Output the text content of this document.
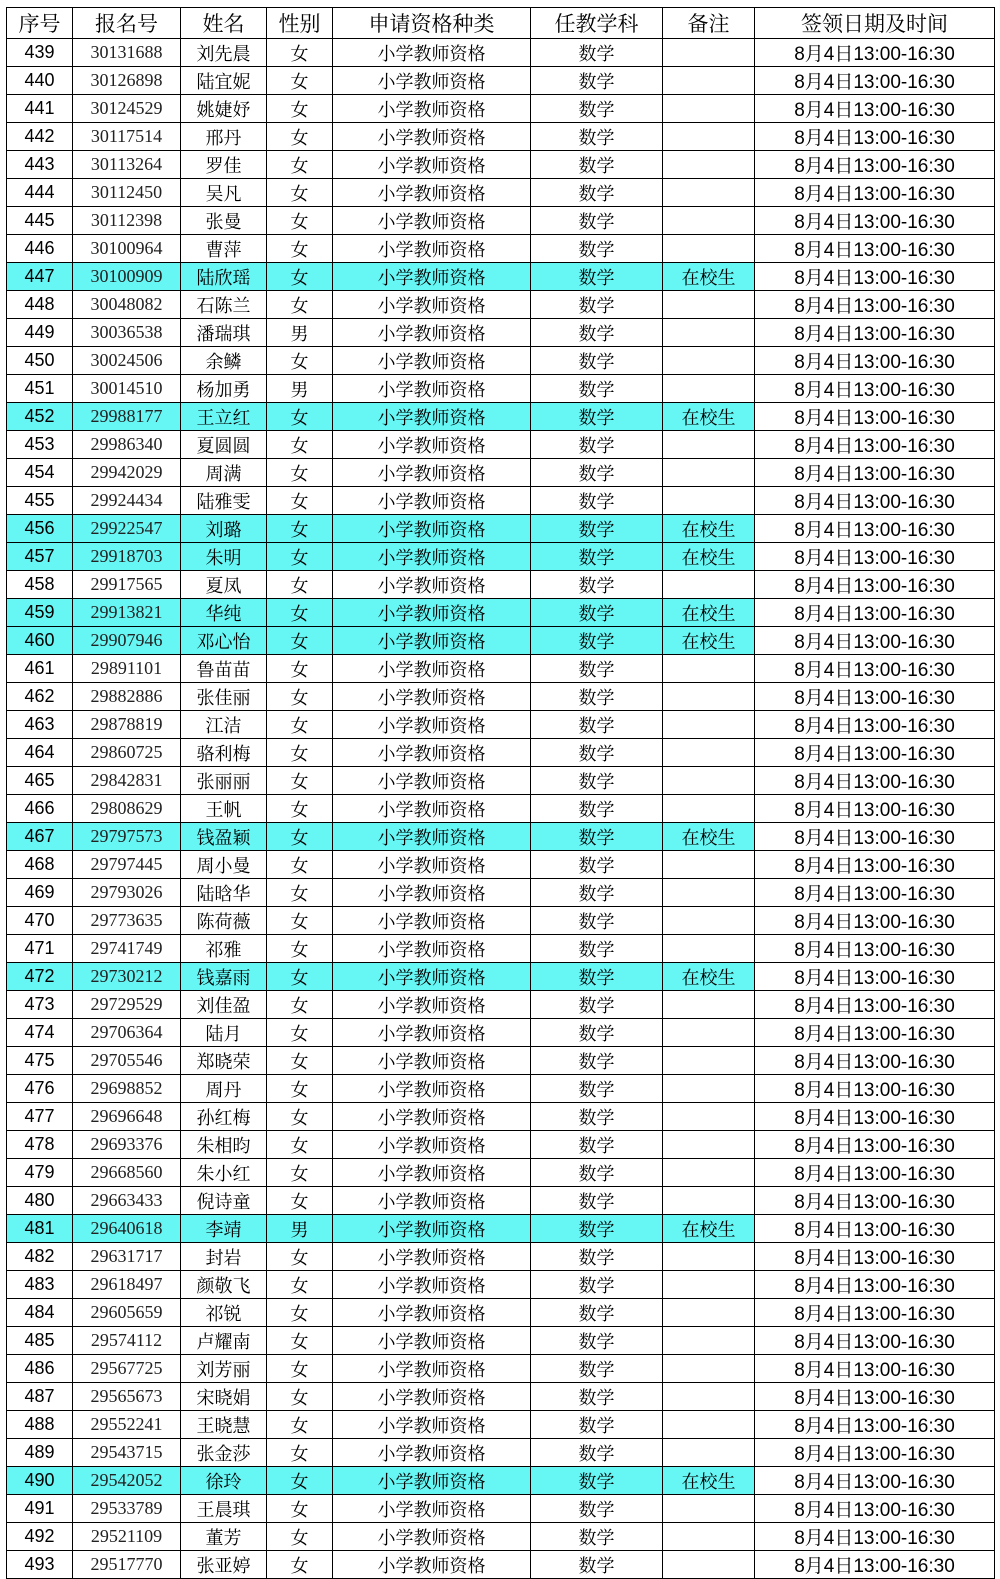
序号	报名号	姓名	性别	申请资格种类	任教学科	备注	签领日期及时间
439	30131688	刘先晨	女	小学教师资格	数学		8月4日13:00-16:30
440	30126898	陆宜妮	女	小学教师资格	数学		8月4日13:00-16:30
441	30124529	姚婕妤	女	小学教师资格	数学		8月4日13:00-16:30
442	30117514	邢丹	女	小学教师资格	数学		8月4日13:00-16:30
443	30113264	罗佳	女	小学教师资格	数学		8月4日13:00-16:30
444	30112450	吴凡	女	小学教师资格	数学		8月4日13:00-16:30
445	30112398	张曼	女	小学教师资格	数学		8月4日13:00-16:30
446	30100964	曹萍	女	小学教师资格	数学		8月4日13:00-16:30
447	30100909	陆欣瑶	女	小学教师资格	数学	在校生	8月4日13:00-16:30
448	30048082	石陈兰	女	小学教师资格	数学		8月4日13:00-16:30
449	30036538	潘瑞琪	男	小学教师资格	数学		8月4日13:00-16:30
450	30024506	余鳞	女	小学教师资格	数学		8月4日13:00-16:30
451	30014510	杨加勇	男	小学教师资格	数学		8月4日13:00-16:30
452	29988177	王立红	女	小学教师资格	数学	在校生	8月4日13:00-16:30
453	29986340	夏圆圆	女	小学教师资格	数学		8月4日13:00-16:30
454	29942029	周满	女	小学教师资格	数学		8月4日13:00-16:30
455	29924434	陆雅雯	女	小学教师资格	数学		8月4日13:00-16:30
456	29922547	刘璐	女	小学教师资格	数学	在校生	8月4日13:00-16:30
457	29918703	朱明	女	小学教师资格	数学	在校生	8月4日13:00-16:30
458	29917565	夏凤	女	小学教师资格	数学		8月4日13:00-16:30
459	29913821	华纯	女	小学教师资格	数学	在校生	8月4日13:00-16:30
460	29907946	邓心怡	女	小学教师资格	数学	在校生	8月4日13:00-16:30
461	29891101	鲁苗苗	女	小学教师资格	数学		8月4日13:00-16:30
462	29882886	张佳丽	女	小学教师资格	数学		8月4日13:00-16:30
463	29878819	江洁	女	小学教师资格	数学		8月4日13:00-16:30
464	29860725	骆利梅	女	小学教师资格	数学		8月4日13:00-16:30
465	29842831	张丽丽	女	小学教师资格	数学		8月4日13:00-16:30
466	29808629	王帆	女	小学教师资格	数学		8月4日13:00-16:30
467	29797573	钱盈颖	女	小学教师资格	数学	在校生	8月4日13:00-16:30
468	29797445	周小曼	女	小学教师资格	数学		8月4日13:00-16:30
469	29793026	陆晗华	女	小学教师资格	数学		8月4日13:00-16:30
470	29773635	陈荷薇	女	小学教师资格	数学		8月4日13:00-16:30
471	29741749	祁雅	女	小学教师资格	数学		8月4日13:00-16:30
472	29730212	钱嘉雨	女	小学教师资格	数学	在校生	8月4日13:00-16:30
473	29729529	刘佳盈	女	小学教师资格	数学		8月4日13:00-16:30
474	29706364	陆月	女	小学教师资格	数学		8月4日13:00-16:30
475	29705546	郑晓荣	女	小学教师资格	数学		8月4日13:00-16:30
476	29698852	周丹	女	小学教师资格	数学		8月4日13:00-16:30
477	29696648	孙红梅	女	小学教师资格	数学		8月4日13:00-16:30
478	29693376	朱相昀	女	小学教师资格	数学		8月4日13:00-16:30
479	29668560	朱小红	女	小学教师资格	数学		8月4日13:00-16:30
480	29663433	倪诗童	女	小学教师资格	数学		8月4日13:00-16:30
481	29640618	李靖	男	小学教师资格	数学	在校生	8月4日13:00-16:30
482	29631717	封岩	女	小学教师资格	数学		8月4日13:00-16:30
483	29618497	颜敬飞	女	小学教师资格	数学		8月4日13:00-16:30
484	29605659	祁锐	女	小学教师资格	数学		8月4日13:00-16:30
485	29574112	卢耀南	女	小学教师资格	数学		8月4日13:00-16:30
486	29567725	刘芳丽	女	小学教师资格	数学		8月4日13:00-16:30
487	29565673	宋晓娟	女	小学教师资格	数学		8月4日13:00-16:30
488	29552241	王晓慧	女	小学教师资格	数学		8月4日13:00-16:30
489	29543715	张金莎	女	小学教师资格	数学		8月4日13:00-16:30
490	29542052	徐玲	女	小学教师资格	数学	在校生	8月4日13:00-16:30
491	29533789	王晨琪	女	小学教师资格	数学		8月4日13:00-16:30
492	29521109	董芳	女	小学教师资格	数学		8月4日13:00-16:30
493	29517770	张亚婷	女	小学教师资格	数学		8月4日13:00-16:30
